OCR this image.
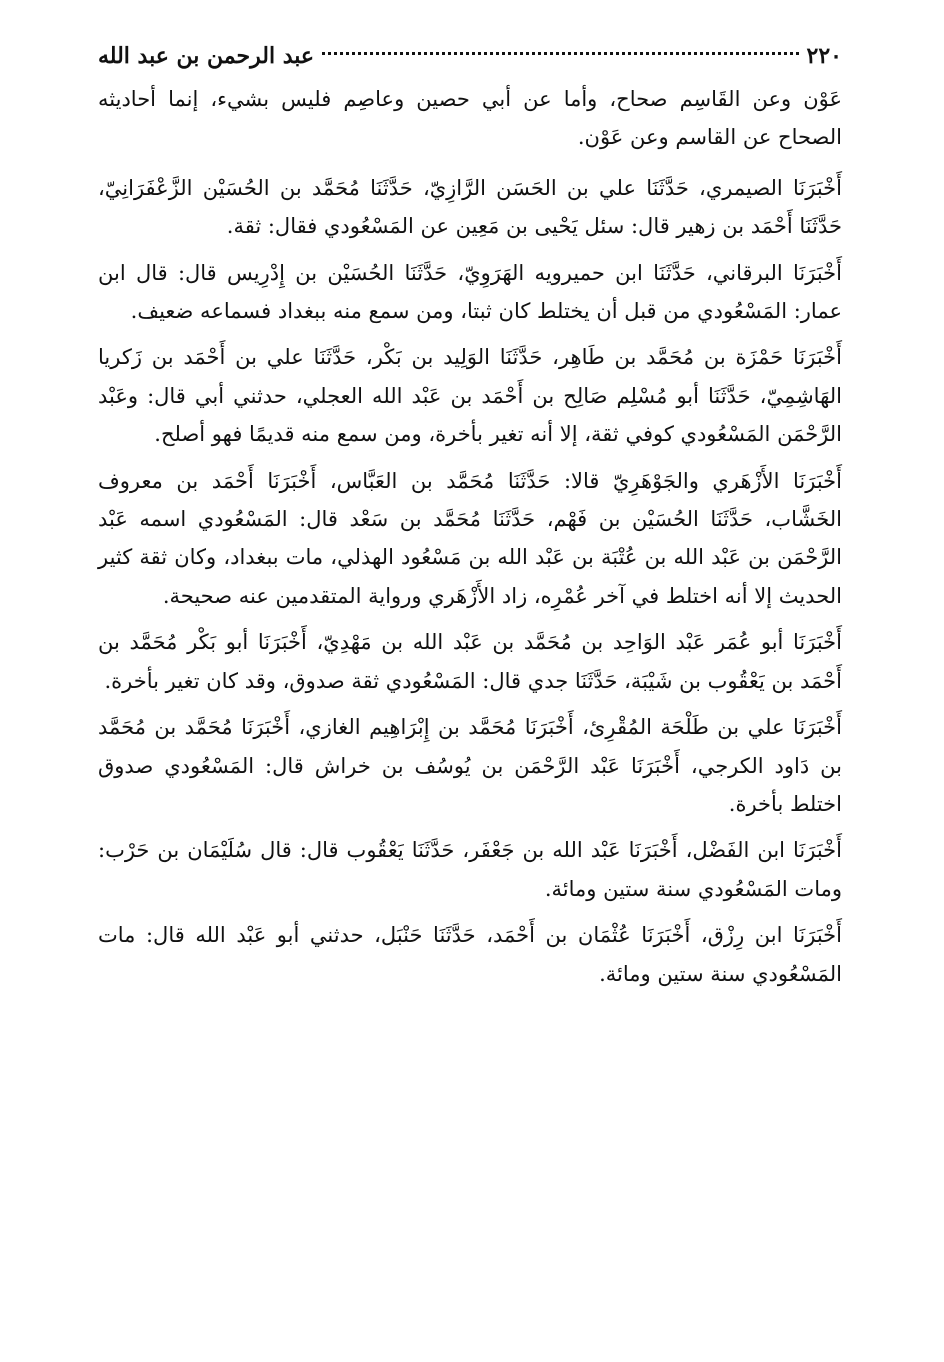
٢٢٠
عبد الرحمن بن عبد الله

عَوْن وعن القَاسِم صحاح، وأما عن أبي حصين وعاصِم فليس بشيء، إنما أحاديثه الصحاح عن القاسم وعن عَوْن.

أَخْبَرَنَا الصيمري، حَدَّثَنَا علي بن الحَسَن الرَّازِيّ، حَدَّثَنَا مُحَمَّد بن الحُسَيْن الزَّعْفَرَانِيّ، حَدَّثَنَا أَحْمَد بن زهير قال: سئل يَحْيى بن مَعِين عن المَسْعُودي فقال: ثقة.

أَخْبَرَنَا البرقاني، حَدَّثَنَا ابن حميرويه الهَرَوِيّ، حَدَّثَنَا الحُسَيْن بن إِدْرِيس قال: قال ابن عمار: المَسْعُودي من قبل أن يختلط كان ثبتا، ومن سمع منه ببغداد فسماعه ضعيف.

أَخْبَرَنَا حَمْزَة بن مُحَمَّد بن طَاهِر، حَدَّثَنَا الوَلِيد بن بَكْر، حَدَّثَنَا علي بن أَحْمَد بن زَكريا الهَاشِمِيّ، حَدَّثَنَا أبو مُسْلِم صَالِح بن أَحْمَد بن عَبْد الله العجلي، حدثني أبي قال: وعَبْد الرَّحْمَن المَسْعُودي كوفي ثقة، إلا أنه تغير بأخرة، ومن سمع منه قديمًا فهو أصلح.

أَخْبَرَنَا الأَزْهَري والجَوْهَرِيّ قالا: حَدَّثَنَا مُحَمَّد بن العَبَّاس، أَخْبَرَنَا أَحْمَد بن معروف الخَشَّاب، حَدَّثَنَا الحُسَيْن بن فَهْم، حَدَّثَنَا مُحَمَّد بن سَعْد قال: المَسْعُودي اسمه عَبْد الرَّحْمَن بن عَبْد الله بن عُتْبَة بن عَبْد الله بن مَسْعُود الهذلي، مات ببغداد، وكان ثقة كثير الحديث إلا أنه اختلط في آخر عُمْرِه، زاد الأَزْهَري ورواية المتقدمين عنه صحيحة.

أَخْبَرَنَا أبو عُمَر عَبْد الوَاحِد بن مُحَمَّد بن عَبْد الله بن مَهْدِيّ، أَخْبَرَنَا أبو بَكْر مُحَمَّد بن أَحْمَد بن يَعْقُوب بن شَيْبَة، حَدَّثَنَا جدي قال: المَسْعُودي ثقة صدوق، وقد كان تغير بأخرة.

أَخْبَرَنَا علي بن طَلْحَة المُقْرِئ، أَخْبَرَنَا مُحَمَّد بن إِبْرَاهِيم الغازي، أَخْبَرَنَا مُحَمَّد بن مُحَمَّد بن دَاود الكرجي، أَخْبَرَنَا عَبْد الرَّحْمَن بن يُوسُف بن خراش قال: المَسْعُودي صدوق اختلط بأخرة.

أَخْبَرَنَا ابن الفَضْل، أَخْبَرَنَا عَبْد الله بن جَعْفَر، حَدَّثَنَا يَعْقُوب قال: قال سُلَيْمَان بن حَرْب: ومات المَسْعُودي سنة ستين ومائة.

أَخْبَرَنَا ابن رِزْق، أَخْبَرَنَا عُثْمَان بن أَحْمَد، حَدَّثَنَا حَنْبَل، حدثني أبو عَبْد الله قال: مات المَسْعُودي سنة ستين ومائة.
